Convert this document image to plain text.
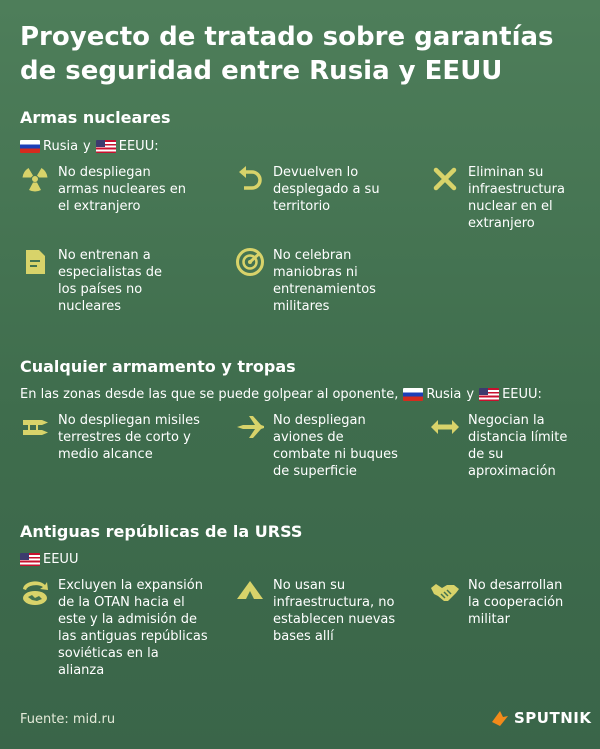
Proyecto de tratado sobre garantías de seguridad entre Rusia y EEUU
Armas nucleares
Rusia y EEUU:
No despliegan armas nucleares en el extranjero
Devuelven lo desplegado a su territorio
Eliminan su infraestructura nuclear en el extranjero
No entrenan a especialistas de los países no nucleares
No celebran maniobras ni entrenamientos militares
Cualquier armamento y tropas
En las zonas desde las que se puede golpear al oponente, Rusia y EEUU:
No despliegan misiles terrestres de corto y medio alcance
No despliegan aviones de combate ni buques de superficie
Negocian la distancia límite de su aproximación
Antiguas repúblicas de la URSS
EEUU
Excluyen la expansión de la OTAN hacia el este y la admisión de las antiguas repúblicas soviéticas en la alianza
No usan su infraestructura, no establecen nuevas bases allí
No desarrollan la cooperación militar
Fuente: mid.ru	SPUTNIK
